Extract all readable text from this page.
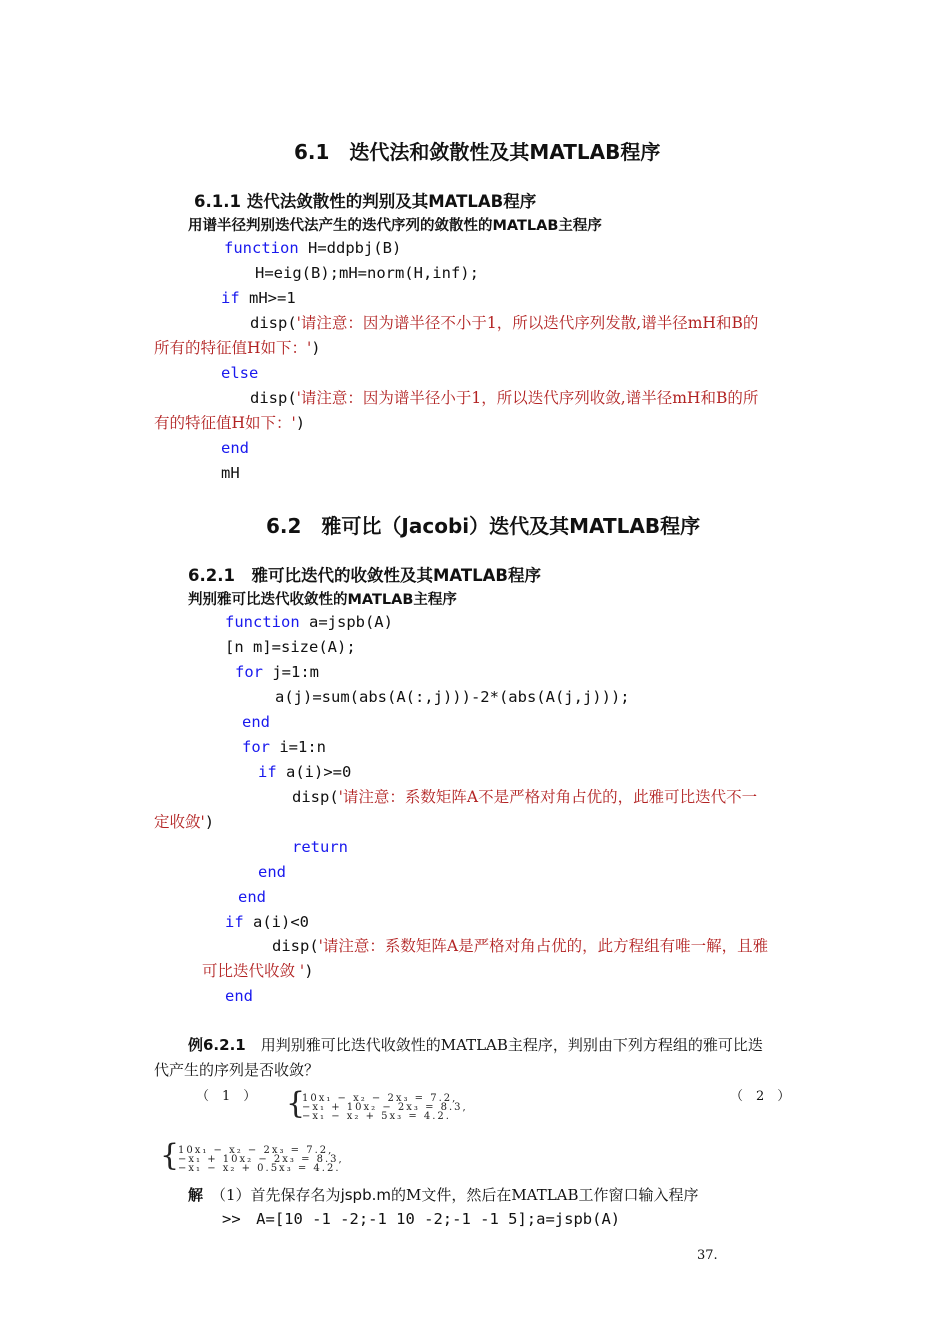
6.1　迭代法和敛散性及其MATLAB程序
6.1.1 迭代法敛散性的判别及其MATLAB程序
用谱半径判别迭代法产生的迭代序列的敛散性的MATLAB主程序
function H=ddpbj(B)
H=eig(B);mH=norm(H,inf);
if mH>=1
disp('请注意：因为谱半径不小于1，所以迭代序列发散,谱半径mH和B的
所有的特征值H如下：')
else
disp('请注意：因为谱半径小于1，所以迭代序列收敛,谱半径mH和B的所
有的特征值H如下：')
end
mH
6.2　雅可比（Jacobi）迭代及其MATLAB程序
6.2.1　雅可比迭代的收敛性及其MATLAB程序
判别雅可比迭代收敛性的MATLAB主程序
function a=jspb(A)
[n m]=size(A);
for j=1:m
a(j)=sum(abs(A(:,j)))-2*(abs(A(j,j)));
end
for i=1:n
if a(i)>=0
disp('请注意：系数矩阵A不是严格对角占优的，此雅可比迭代不一
定收敛')
return
end
end
if a(i)<0
disp('请注意：系数矩阵A是严格对角占优的，此方程组有唯一解，且雅
可比迭代收敛 ')
end
例6.2.1　用判别雅可比迭代收敛性的MATLAB主程序，判别由下列方程组的雅可比迭
代产生的序列是否收敛？
（　1　）	（　2　）
{
10x₁ − x₂ − 2x₃ = 7.2,
−x₁ + 10x₂ − 2x₃ = 8.3,
−x₁ − x₂ + 5x₃ = 4.2.
{
10x₁ − x₂ − 2x₃ = 7.2,
−x₁ + 10x₂ − 2x₃ = 8.3,
−x₁ − x₂ + 0.5x₃ = 4.2.
解 （1）首先保存名为jspb.m的M文件，然后在MATLAB工作窗口输入程序
>>　A=[10 -1 -2;-1 10 -2;-1 -1 5];a=jspb(A)
37.
